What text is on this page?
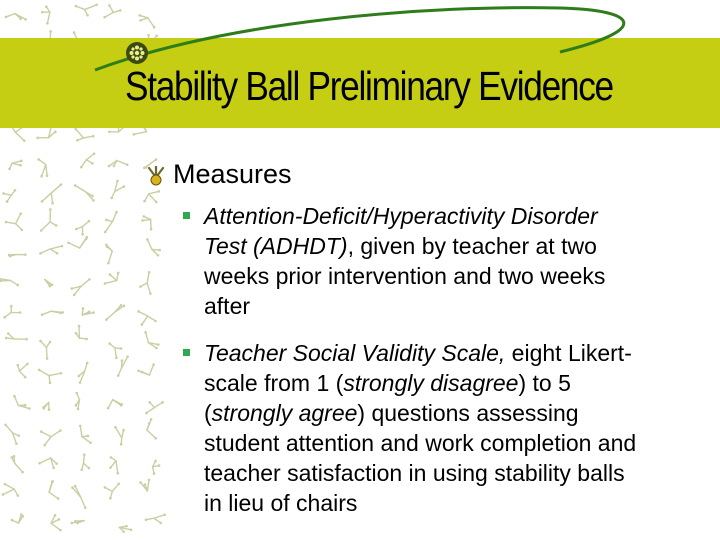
Stability Ball Preliminary Evidence
Measures
Attention-Deficit/Hyperactivity Disorder
Test (ADHDT), given by teacher at two
weeks prior intervention and two weeks
after
Teacher Social Validity Scale, eight Likert-
scale from 1 (strongly disagree) to 5
(strongly agree) questions assessing
student attention and work completion and
teacher satisfaction in using stability balls
in lieu of chairs
